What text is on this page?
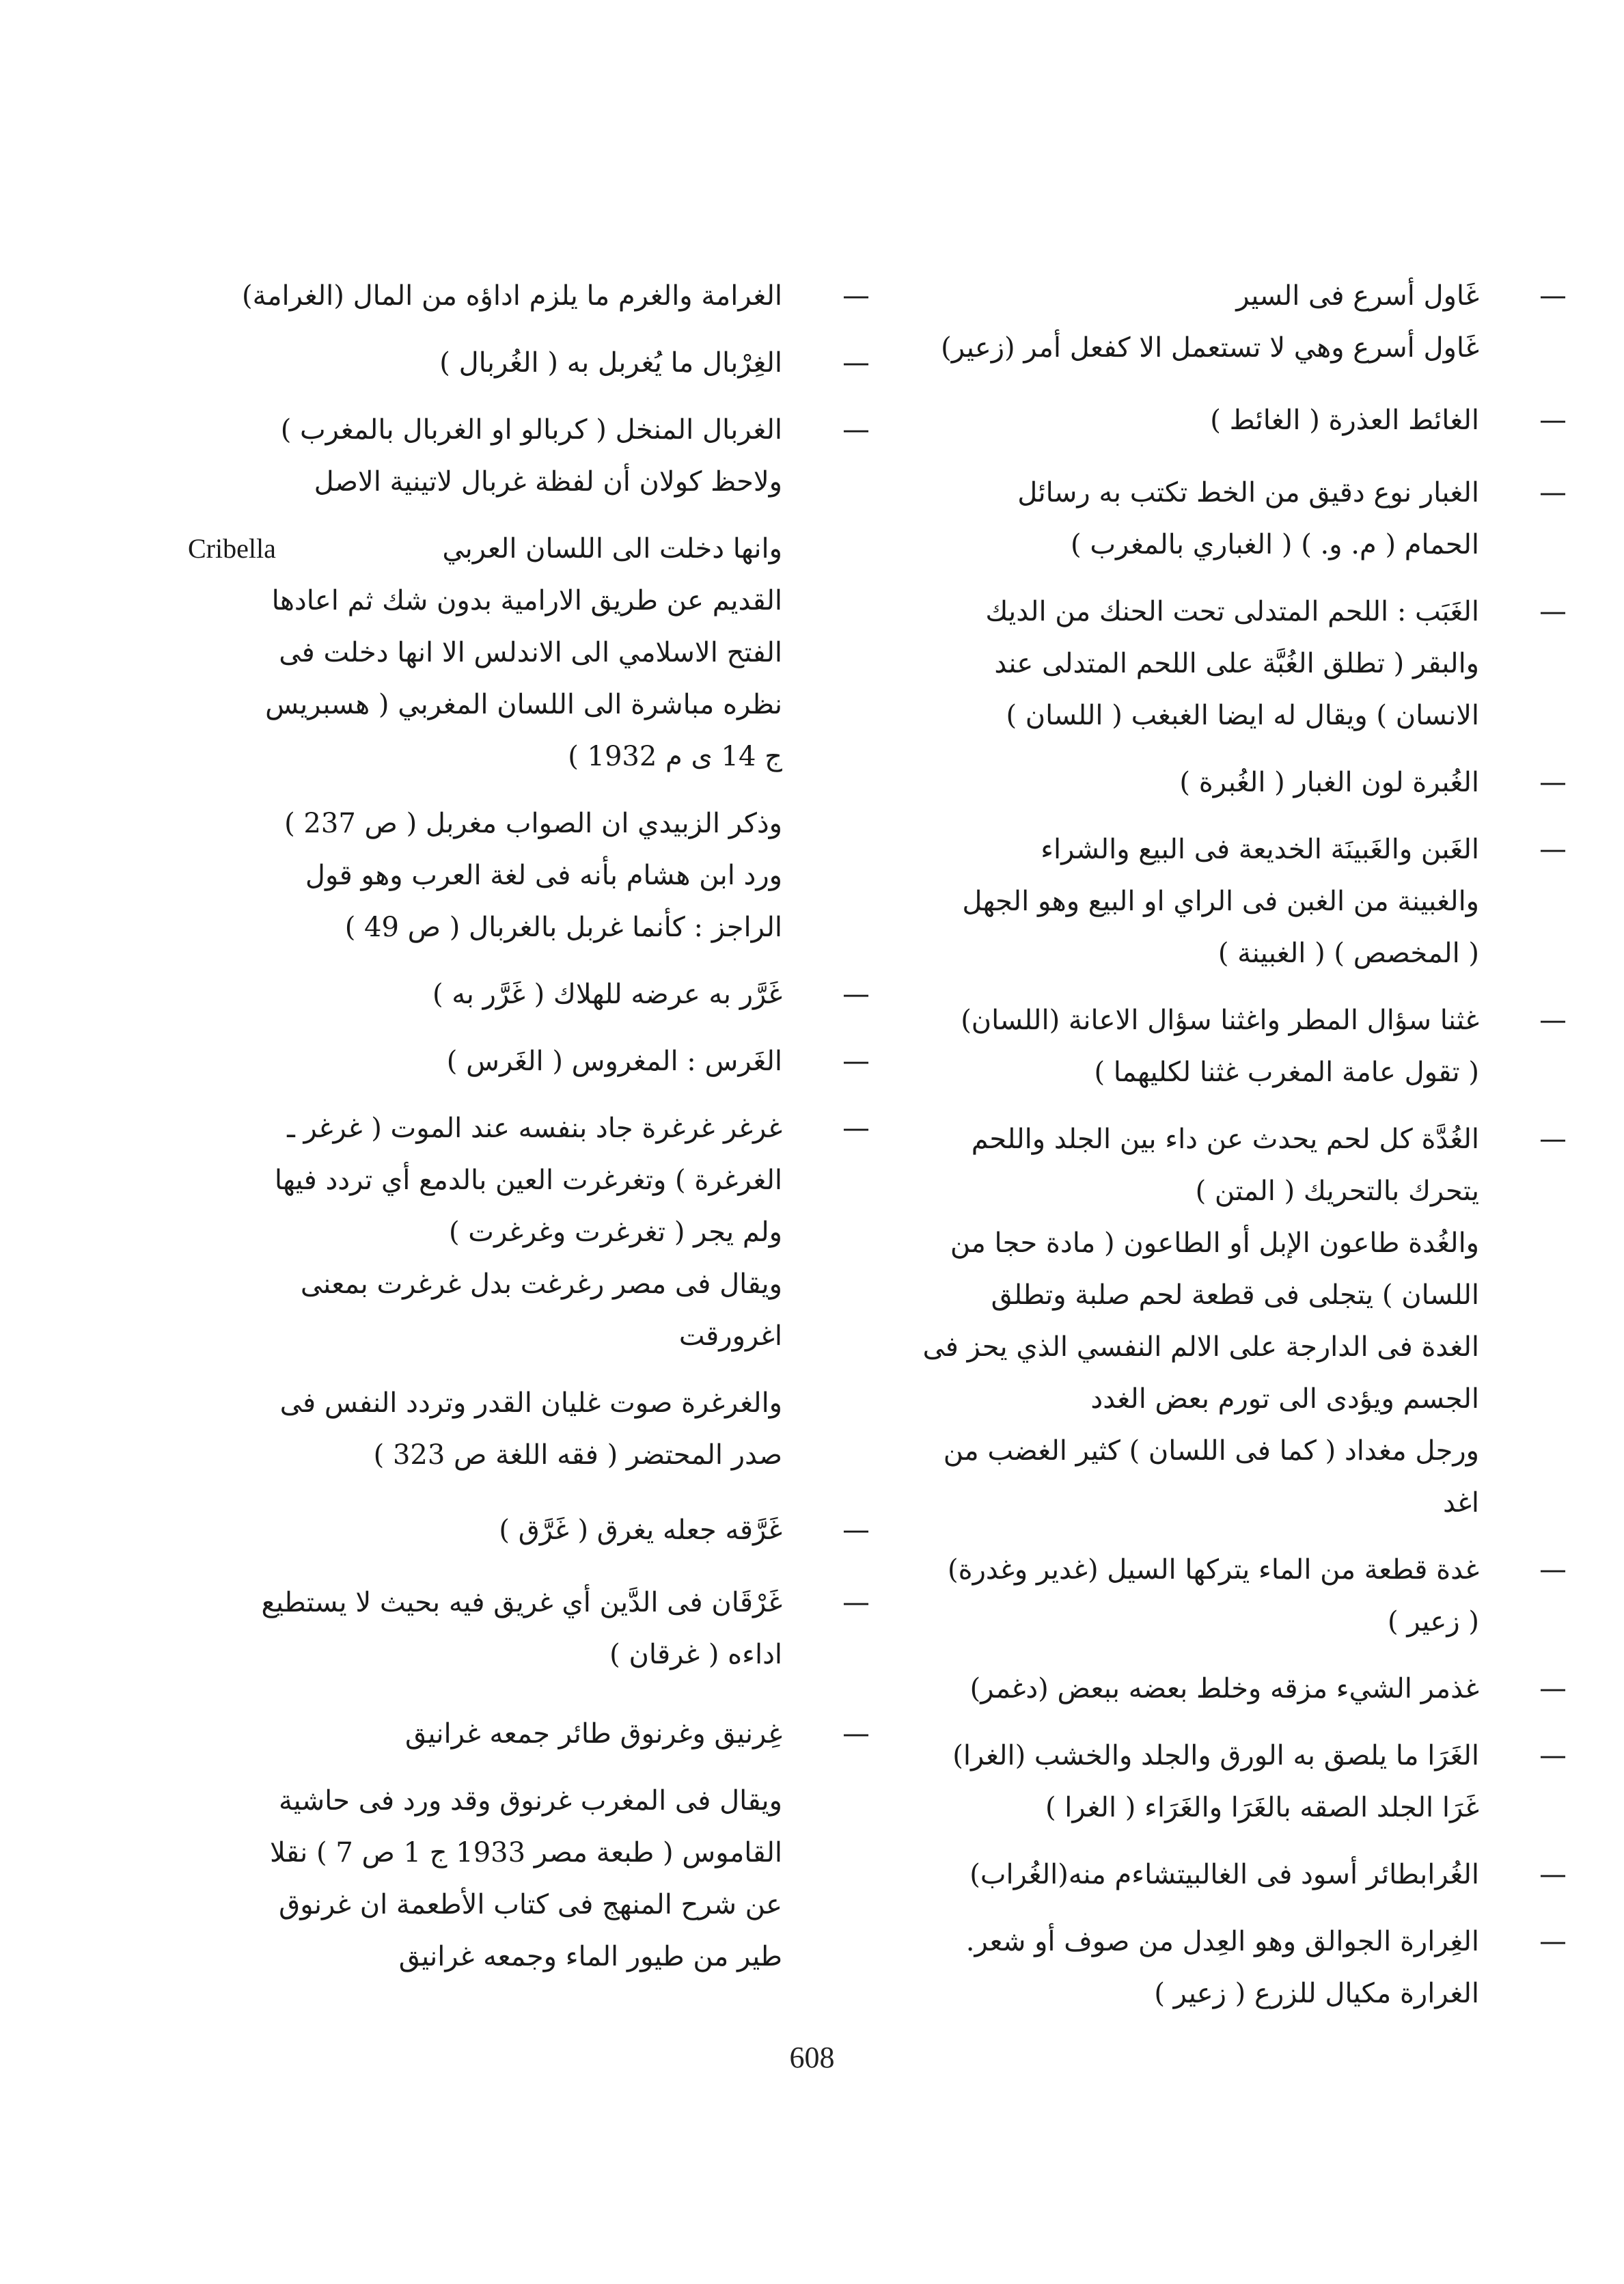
— غَاول أسرع فى السير
غَاول أسرع وهي لا تستعمل الا كفعل أمر (زعير)
— الغائط العذرة ( الغائط )
— الغبار نوع دقيق من الخط تكتب به رسائل
الحمام ( م. و. ) ( الغباري بالمغرب )
— الغَبَب : اللحم المتدلى تحت الحنك من الديك
والبقر ( تطلق الغُبَّة على اللحم المتدلى عند
الانسان ) ويقال له ايضا الغبغب ( اللسان )
— الغُبرة لون الغبار ( الغُبرة )
— الغَبن والغَبينَة الخديعة فى البيع والشراء
والغبينة من الغبن فى الراي او البيع وهو الجهل
( المخصص ) ( الغبينة )
— غثنا سؤال المطر واغثنا سؤال الاعانة (اللسان)
( تقول عامة المغرب غثنا لكليهما )
— الغُدَّة كل لحم يحدث عن داء بين الجلد واللحم
يتحرك بالتحريك ( المتن )
والغُدة طاعون الإبل أو الطاعون ( مادة حجا من
اللسان ) يتجلى فى قطعة لحم صلبة وتطلق
الغدة فى الدارجة على الالم النفسي الذي يحز فى
الجسم ويؤدى الى تورم بعض الغدد
ورجل مغداد ( كما فى اللسان ) كثير الغضب من
اغد
— غدة قطعة من الماء يتركها السيل (غدير وغدرة)
( زعير )
— غذمر الشيء مزقه وخلط بعضه ببعض (دغمر)
— الغَرَا ما يلصق به الورق والجلد والخشب (الغرا)
غَرَا الجلد الصقه بالغَرَا والغَرَاء ( الغرا )
— الغُرابطائر أسود فى الغالبيتشاءم منه(الغُراب)
— الغِرارة الجوالق وهو العِدل من صوف أو شعر.
الغرارة مكيال للزرع ( زعير )
— الغرامة والغرم ما يلزم اداؤه من المال (الغرامة)
— الغِرْبال ما يُغربل به ( الغُربال )
— الغربال المنخل ( كربالو او الغربال بالمغرب )
ولاحظ كولان أن لفظة غربال لاتينية الاصل
وانها دخلت الى اللسان العربي
Cribella
القديم عن طريق الارامية بدون شك ثم اعادها
الفتح الاسلامي الى الاندلس الا انها دخلت فى
نظره مباشرة الى اللسان المغربي ( هسبريس
ج 14 ى م 1932 )
وذكر الزبيدي ان الصواب مغربل ( ص 237 )
ورد ابن هشام بأنه فى لغة العرب وهو قول
الراجز : كأنما غربل بالغربال ( ص 49 )
— غَرَّر به عرضه للهلاك ( غَرَّر به )
— الغَرس : المغروس ( الغَرس )
— غرغر غرغرة جاد بنفسه عند الموت ( غرغر ـ
الغرغرة ) وتغرغرت العين بالدمع أي تردد فيها
ولم يجر ( تغرغرت وغرغرت )
ويقال فى مصر رغرغت بدل غرغرت بمعنى
اغرورقت
والغرغرة صوت غليان القدر وتردد النفس فى
صدر المحتضر ( فقه اللغة ص 323 )
— غَرَّقه جعله يغرق ( غَرَّق )
— غَرْقَان فى الدَّين أي غريق فيه بحيث لا يستطيع
اداءه ( غرقان )
— غِرنيق وغرنوق طائر جمعه غرانيق
ويقال فى المغرب غرنوق وقد ورد فى حاشية
القاموس ( طبعة مصر 1933 ج 1 ص 7 ) نقلا
عن شرح المنهج فى كتاب الأطعمة ان غرنوق
طير من طيور الماء وجمعه غرانيق
608
